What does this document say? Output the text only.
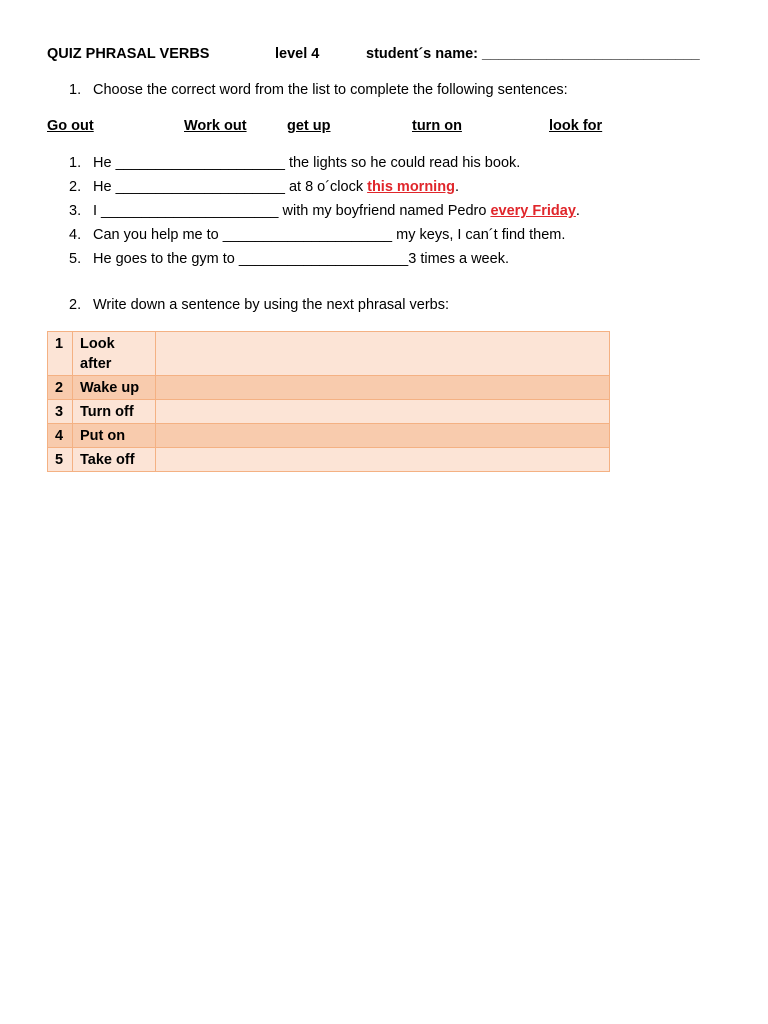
QUIZ PHRASAL VERBS	level 4	student´s name: ___________________________
1. Choose the correct word from the list to complete the following sentences:
Go out	Work out	get up	turn on	look for
1. He _____________________ the lights so he could read his book.
2. He _____________________ at 8 o´clock this morning.
3. I ______________________ with my boyfriend named Pedro every Friday.
4. Can you help me to _____________________ my keys, I can´t find them.
5. He goes to the gym to _____________________3 times a week.
2. Write down a sentence by using the next phrasal verbs:
1	Look after	
2	Wake up	
3	Turn off	
4	Put on	
5	Take off	
